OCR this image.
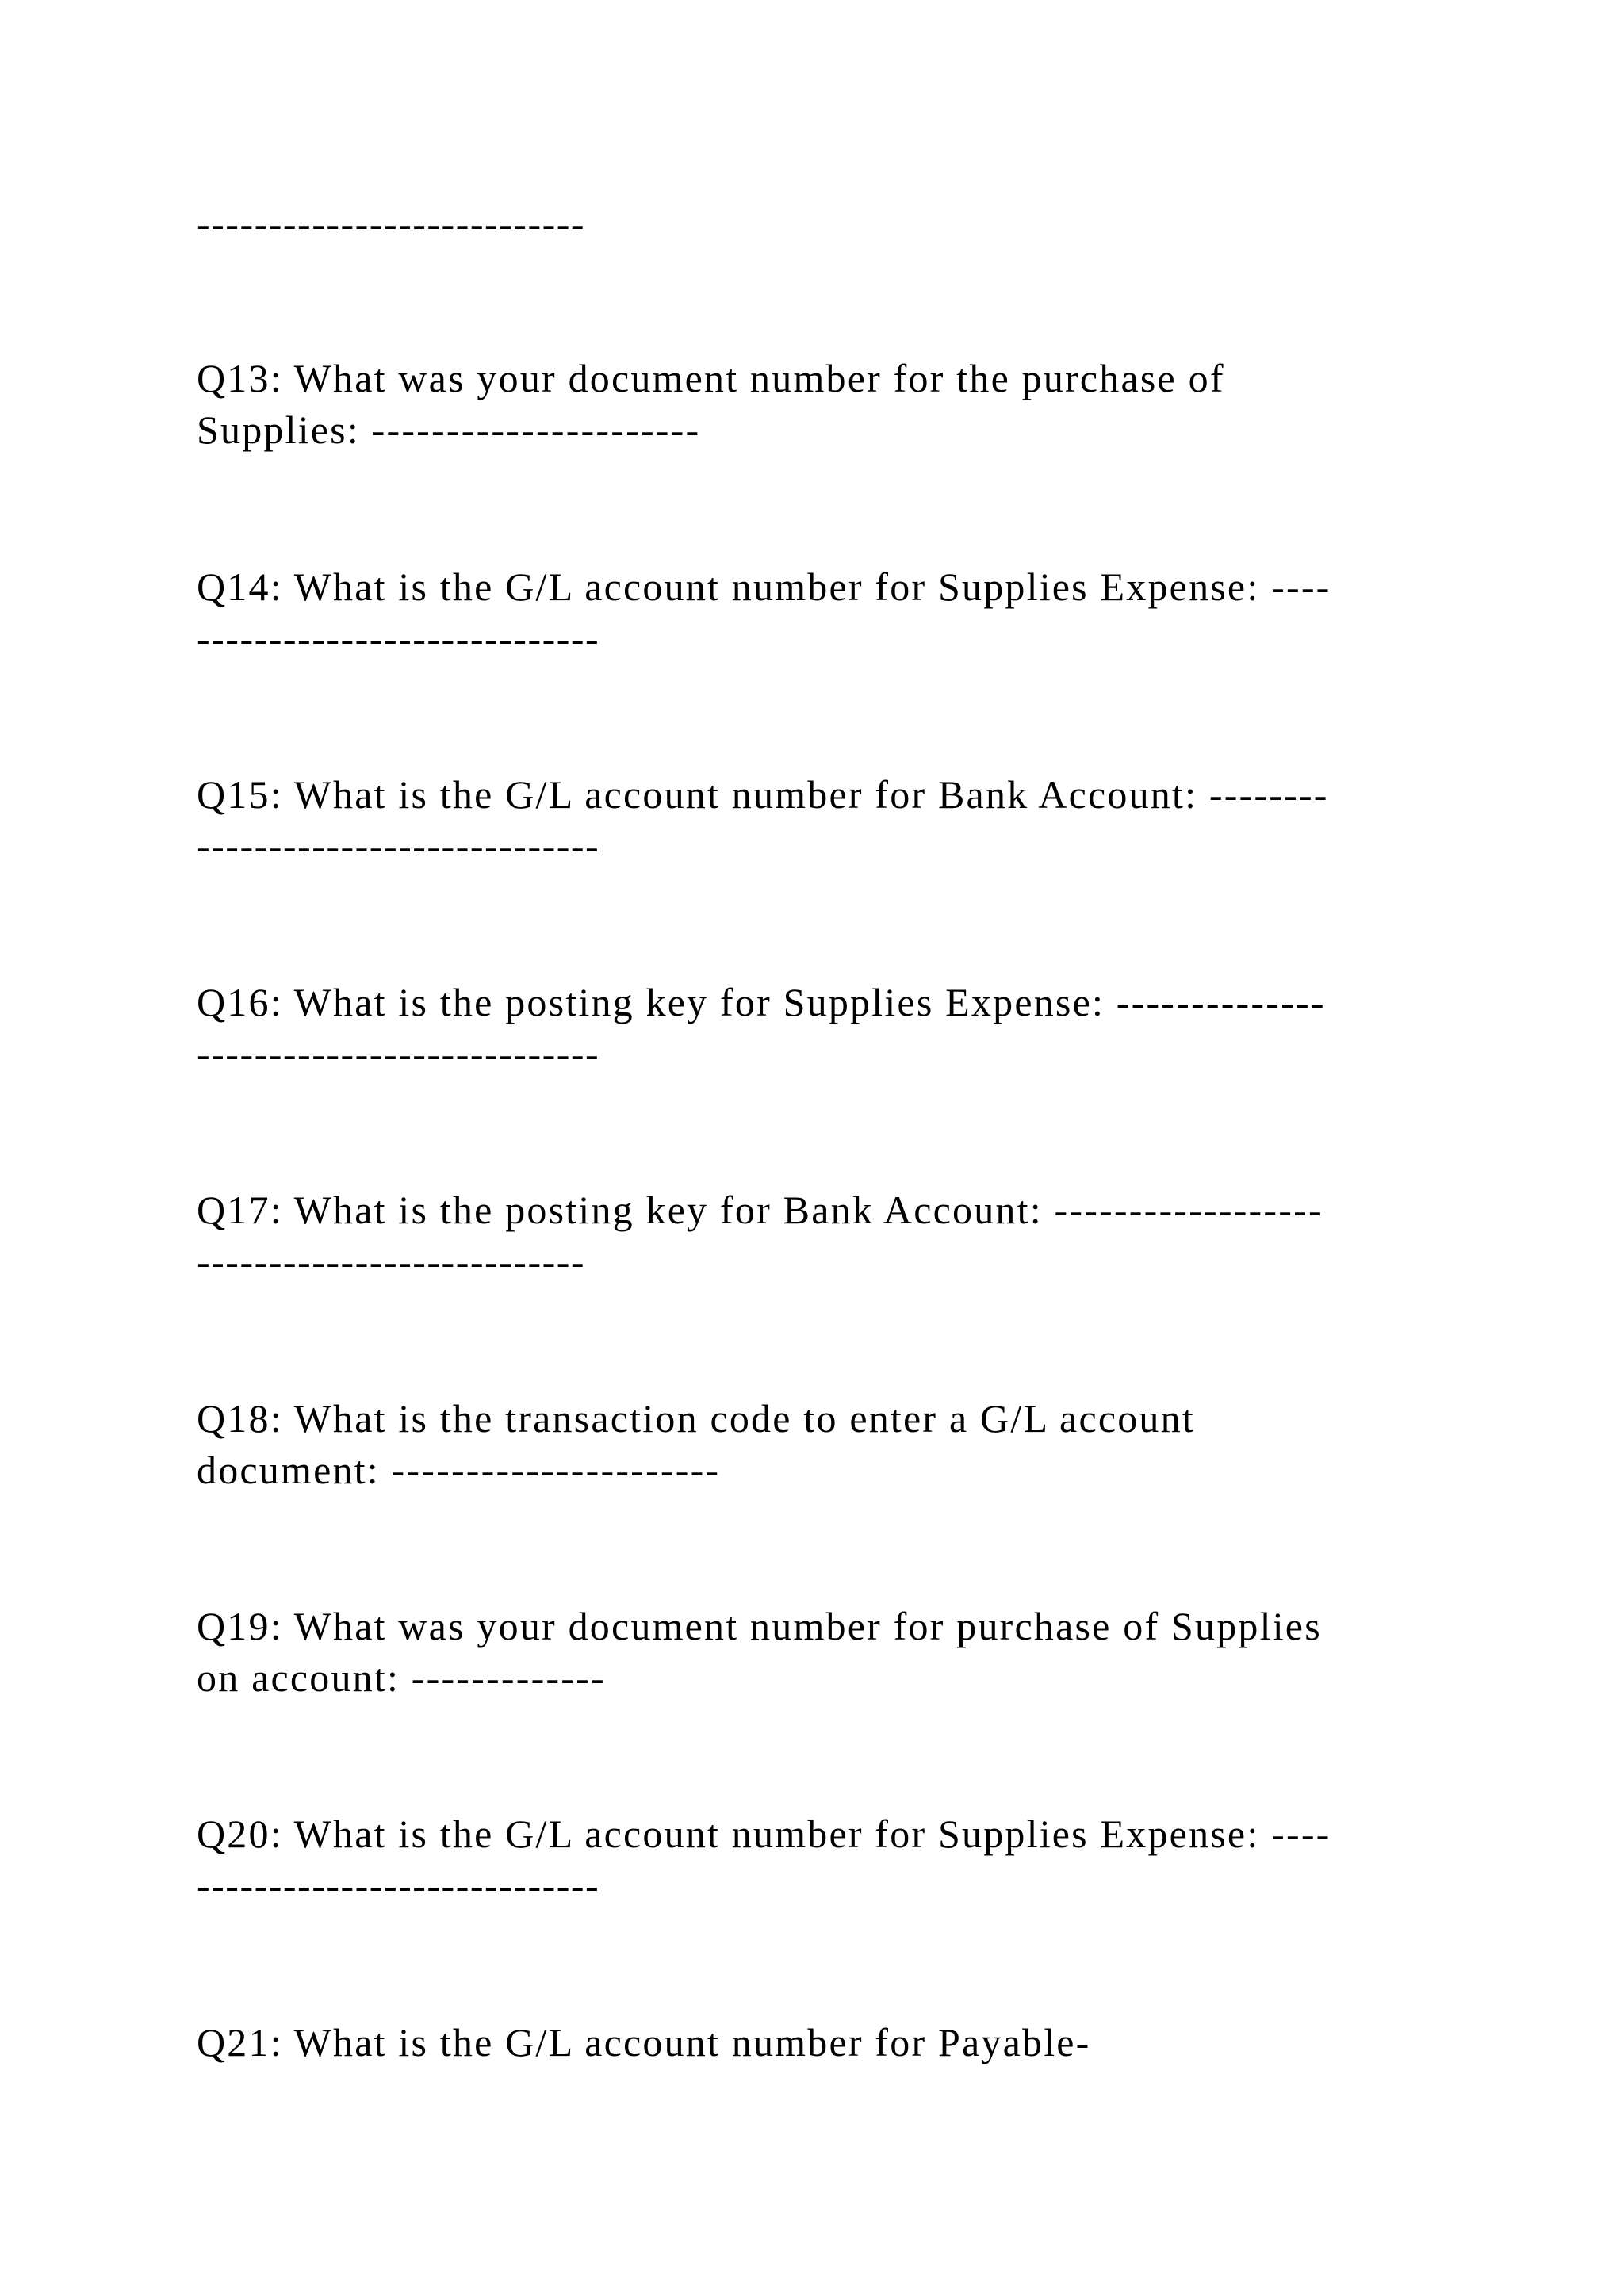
---------------------------

Q13: What was your document number for the purchase of

Supplies: ----------------------

Q14: What is the G/L account number for Supplies Expense: ----

----------------------------

Q15: What is the G/L account number for Bank Account: --------

----------------------------

Q16: What is the posting key for Supplies Expense: --------------

----------------------------

Q17: What is the posting key for Bank Account: ------------------

---------------------------

Q18: What is the transaction code to enter a G/L account

document: ----------------------

Q19: What was your document number for purchase of Supplies

on account: -------------

Q20: What is the G/L account number for Supplies Expense: ----

----------------------------

Q21: What is the G/L account number for Payable-
